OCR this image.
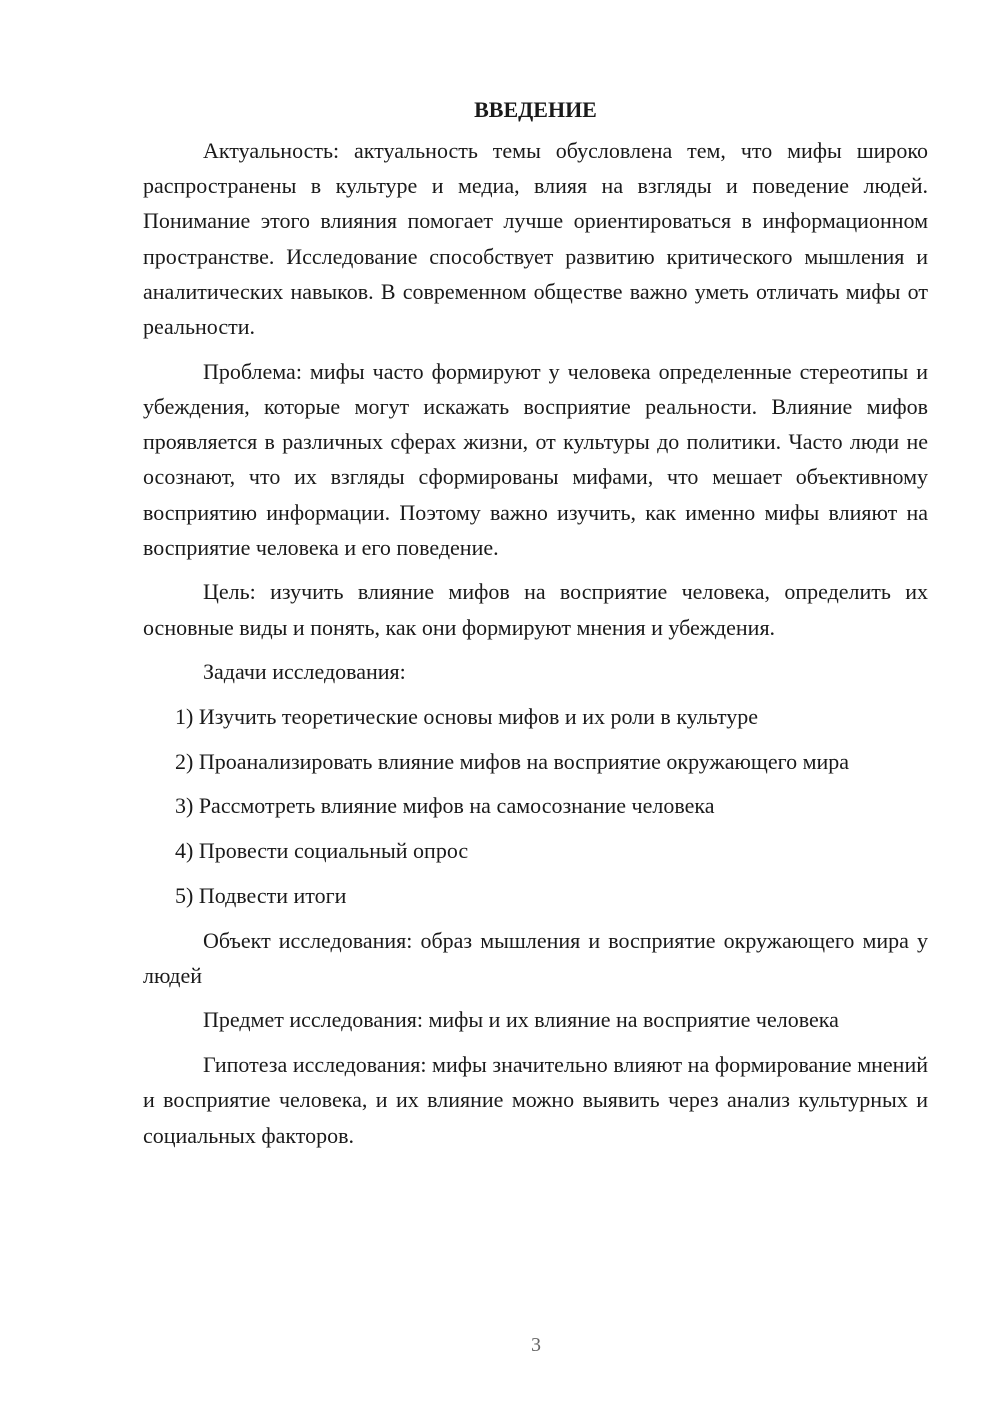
ВВЕДЕНИЕ

Актуальность: актуальность темы обусловлена тем, что мифы широко распространены в культуре и медиа, влияя на взгляды и поведение людей. Понимание этого влияния помогает лучше ориентироваться в информационном пространстве. Исследование способствует развитию критического мышления и аналитических навыков. В современном обществе важно уметь отличать мифы от реальности.

Проблема: мифы часто формируют у человека определенные стереотипы и убеждения, которые могут искажать восприятие реальности. Влияние мифов проявляется в различных сферах жизни, от культуры до политики. Часто люди не осознают, что их взгляды сформированы мифами, что мешает объективному восприятию информации. Поэтому важно изучить, как именно мифы влияют на восприятие человека и его поведение.

Цель: изучить влияние мифов на восприятие человека, определить их основные виды и понять, как они формируют мнения и убеждения.

Задачи исследования:

1) Изучить теоретические основы мифов и их роли в культуре

2) Проанализировать влияние мифов на восприятие окружающего мира

3) Рассмотреть влияние мифов на самосознание человека

4) Провести социальный опрос

5) Подвести итоги

Объект исследования: образ мышления и восприятие окружающего мира у людей

Предмет исследования: мифы и их влияние на восприятие человека

Гипотеза исследования: мифы значительно влияют на формирование мнений и восприятие человека, и их влияние можно выявить через анализ культурных и социальных факторов.

3
